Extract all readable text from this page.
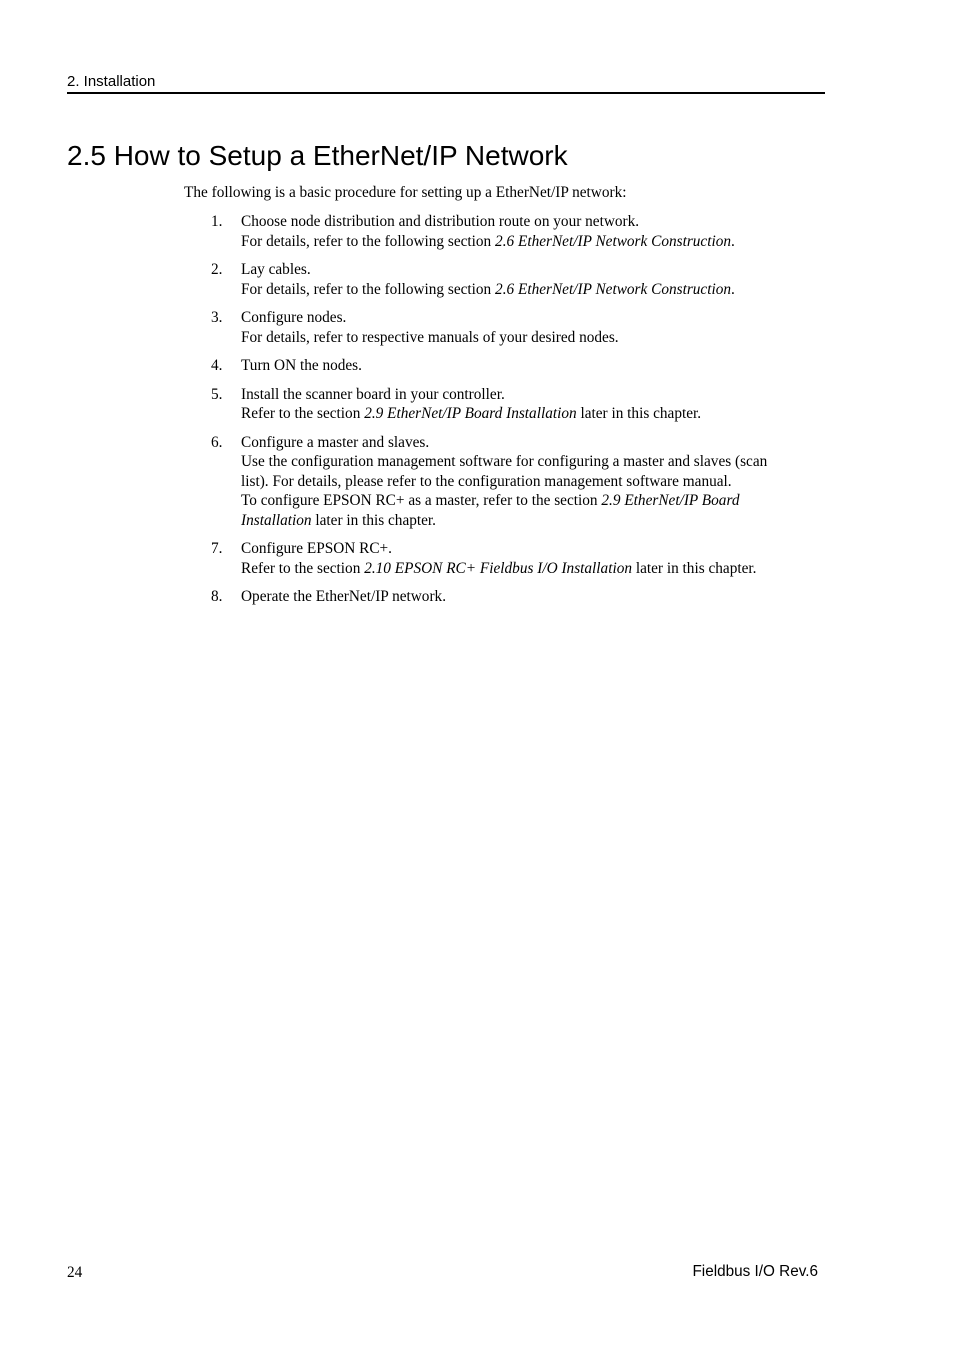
2. Installation
2.5 How to Setup a EtherNet/IP Network

The following is a basic procedure for setting up a EtherNet/IP network:

1. Choose node distribution and distribution route on your network.
For details, refer to the following section 2.6 EtherNet/IP Network Construction.
2. Lay cables.
For details, refer to the following section 2.6 EtherNet/IP Network Construction.
3. Configure nodes.
For details, refer to respective manuals of your desired nodes.
4. Turn ON the nodes.
5. Install the scanner board in your controller.
Refer to the section 2.9 EtherNet/IP Board Installation later in this chapter.
6. Configure a master and slaves.
Use the configuration management software for configuring a master and slaves (scan list). For details, please refer to the configuration management software manual.
To configure EPSON RC+ as a master, refer to the section 2.9 EtherNet/IP Board Installation later in this chapter.
7. Configure EPSON RC+.
Refer to the section 2.10 EPSON RC+ Fieldbus I/O Installation later in this chapter.
8. Operate the EtherNet/IP network.
24	Fieldbus I/O Rev.6
